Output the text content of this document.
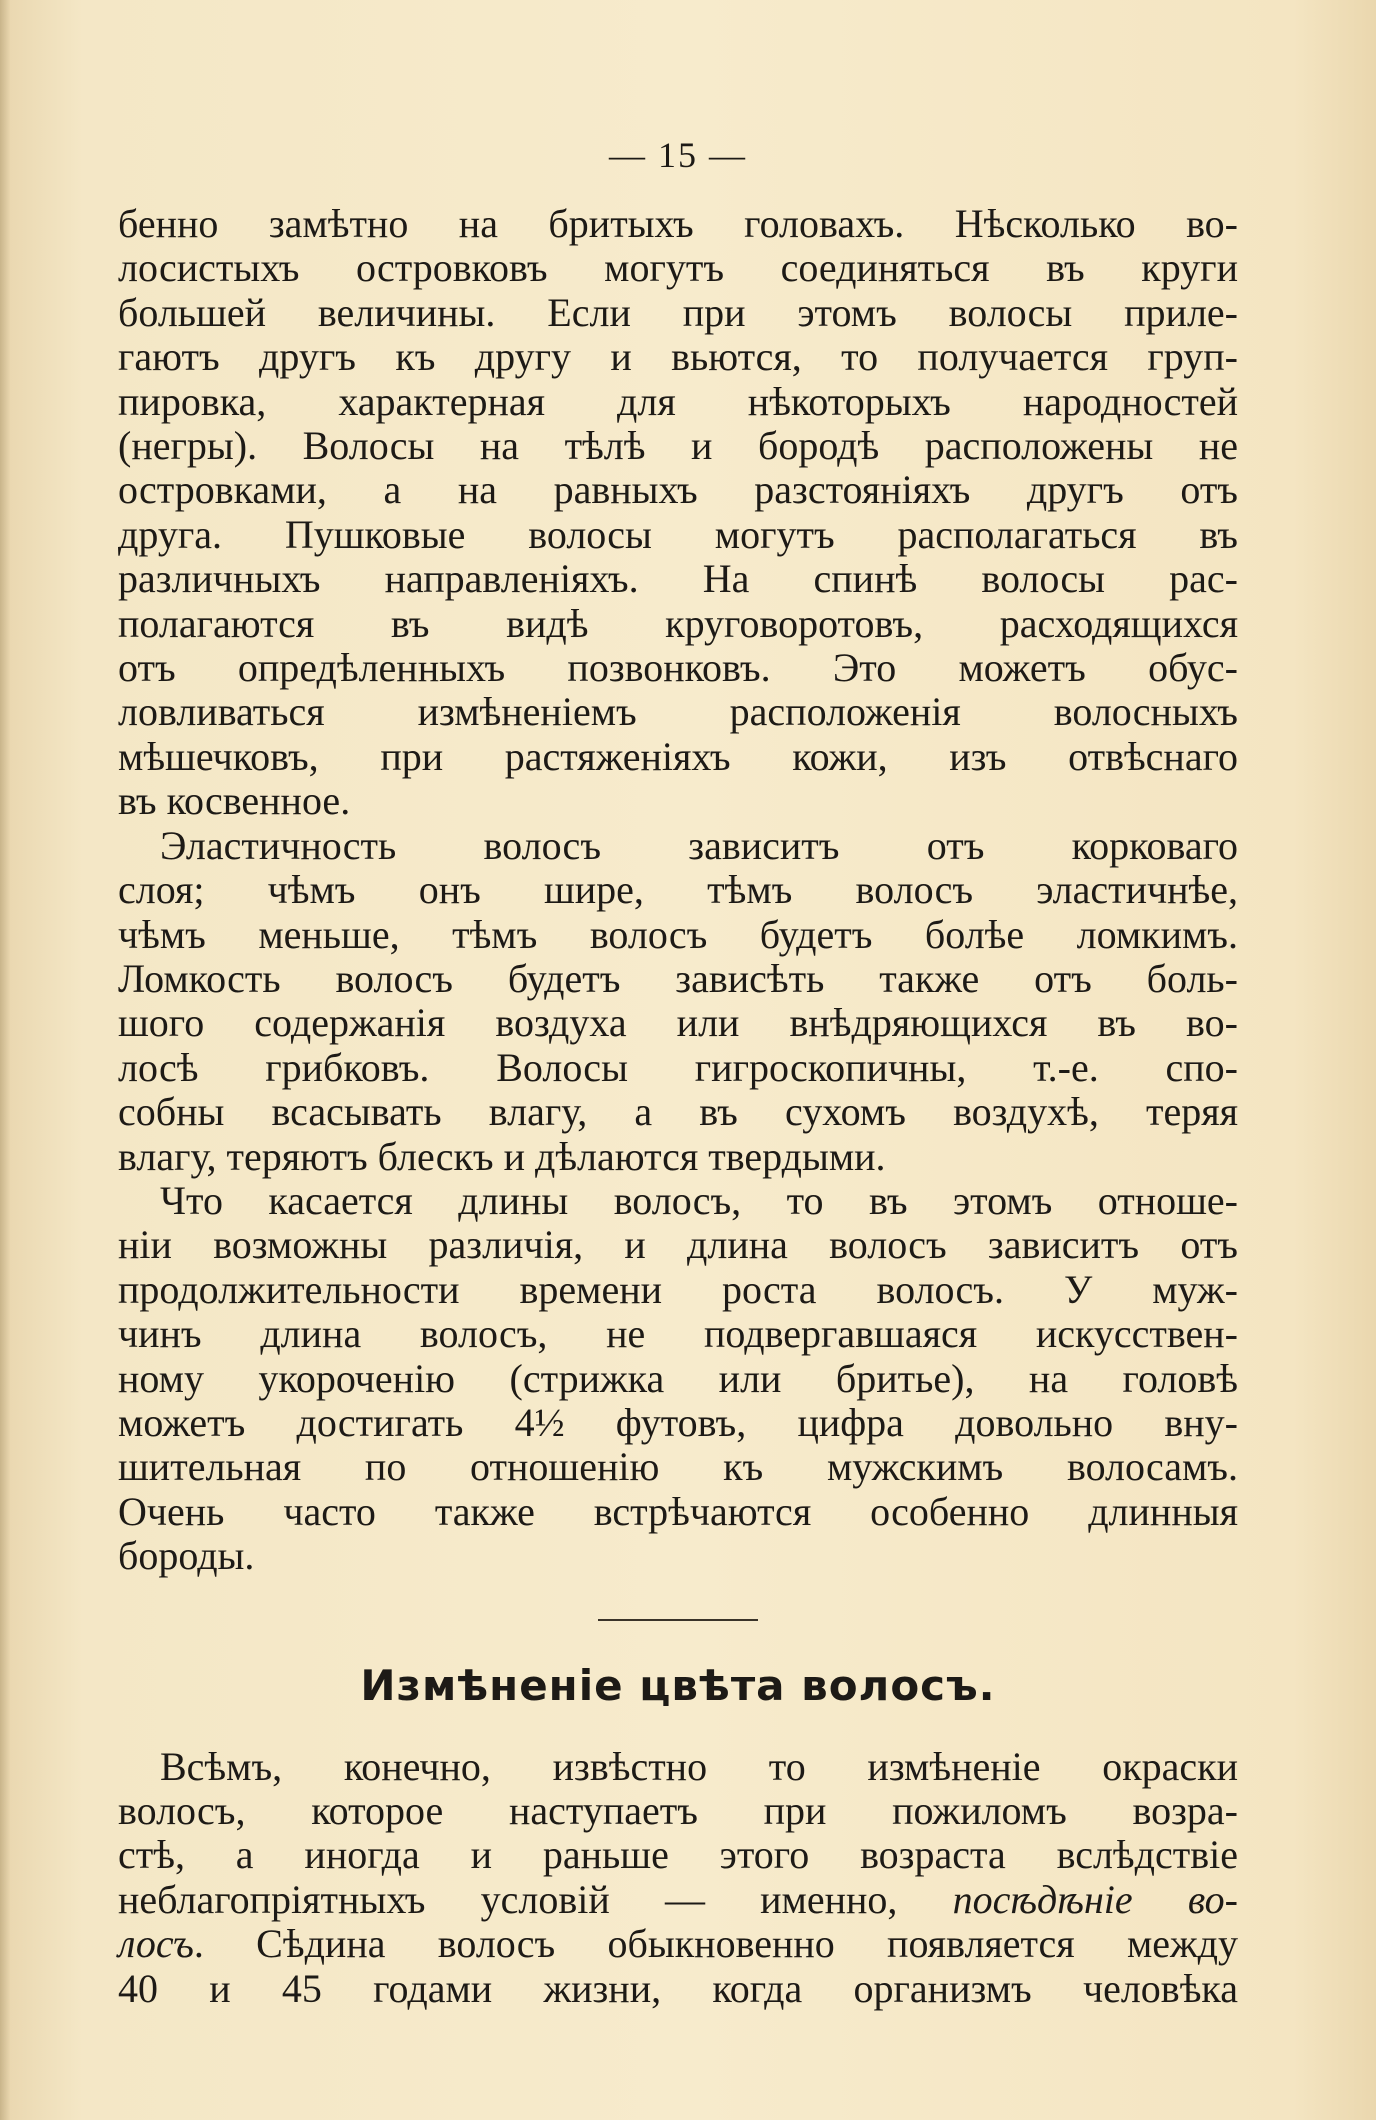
— 15 —

бенно замѣтно на бритыхъ головахъ. Нѣсколько во-
лосистыхъ островковъ могутъ соединяться въ круги
большей величины. Если при этомъ волосы приле-
гаютъ другъ къ другу и вьются, то получается груп-
пировка, характерная для нѣкоторыхъ народностей
(негры). Волосы на тѣлѣ и бородѣ расположены не
островками, а на равныхъ разстояніяхъ другъ отъ
друга. Пушковые волосы могутъ располагаться въ
различныхъ направленіяхъ. На спинѣ волосы рас-
полагаются въ видѣ круговоротовъ, расходящихся
отъ опредѣленныхъ позвонковъ. Это можетъ обус-
ловливаться измѣненіемъ расположенія волосныхъ
мѣшечковъ, при растяженіяхъ кожи, изъ отвѣснаго
въ косвенное.

Эластичность волосъ зависитъ отъ корковаго
слоя; чѣмъ онъ шире, тѣмъ волосъ эластичнѣе,
чѣмъ меньше, тѣмъ волосъ будетъ болѣе ломкимъ.
Ломкость волосъ будетъ зависѣть также отъ боль-
шого содержанія воздуха или внѣдряющихся въ во-
лосѣ грибковъ. Волосы гигроскопичны, т.-е. спо-
собны всасывать влагу, а въ сухомъ воздухѣ, теряя
влагу, теряютъ блескъ и дѣлаются твердыми.

Что касается длины волосъ, то въ этомъ отноше-
ніи возможны различія, и длина волосъ зависитъ отъ
продолжительности времени роста волосъ. У муж-
чинъ длина волосъ, не подвергавшаяся искусствен-
ному укороченію (стрижка или бритье), на головѣ
можетъ достигать 4½ футовъ, цифра довольно вну-
шительная по отношенію къ мужскимъ волосамъ.
Очень часто также встрѣчаются особенно длинныя
бороды.

Измѣненіе цвѣта волосъ.

Всѣмъ, конечно, извѣстно то измѣненіе окраски
волосъ, которое наступаетъ при пожиломъ возра-
стѣ, а иногда и раньше этого возраста вслѣдствіе
неблагопріятныхъ условій — именно, посѣдѣніе во-
лосъ. Сѣдина волосъ обыкновенно появляется между
40 и 45 годами жизни, когда организмъ человѣка
